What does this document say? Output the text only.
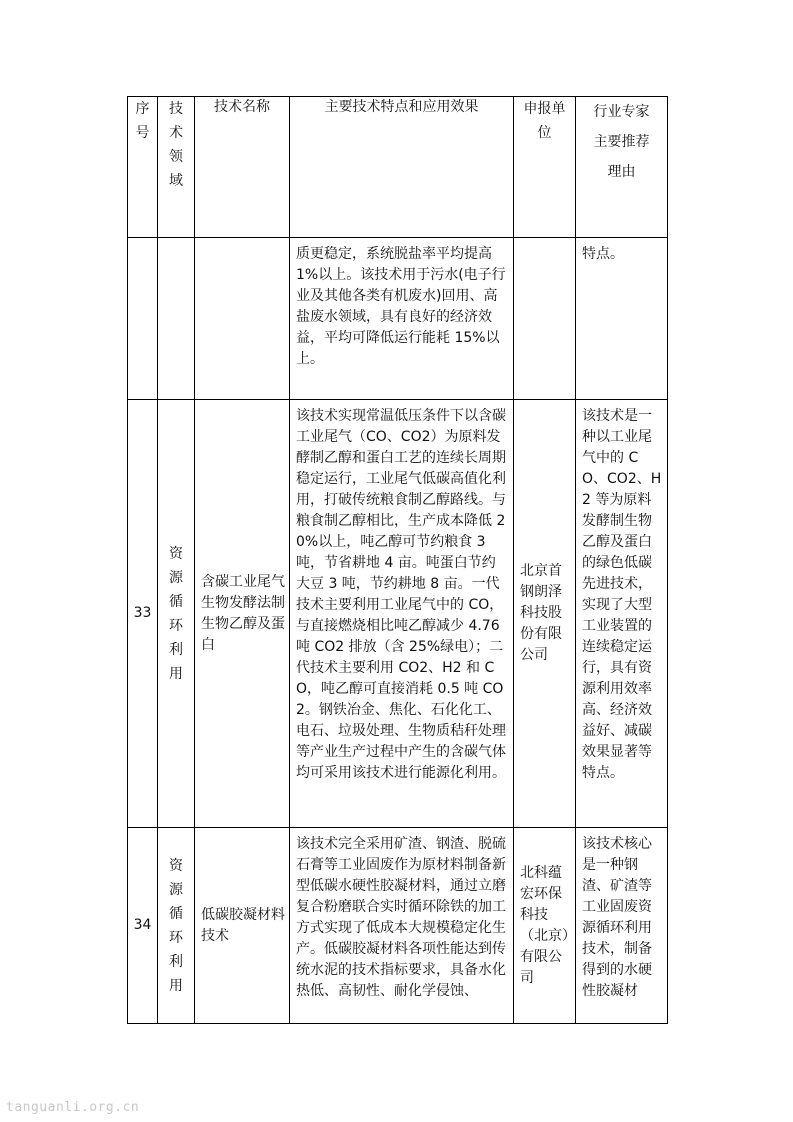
序号	技术领域	技术名称	主要技术特点和应用效果	申报单位	行业专家主要推荐理由

			质更稳定，系统脱盐率平均提高1%以上。该技术用于污水(电子行业及其他各类有机废水)回用、高盐废水领域，具有良好的经济效益，平均可降低运行能耗 15%以上。		特点。

33	资源循环利用	含碳工业尾气生物发酵法制生物乙醇及蛋白	该技术实现常温低压条件下以含碳工业尾气（CO、CO2）为原料发酵制乙醇和蛋白工艺的连续长周期稳定运行，工业尾气低碳高值化利用，打破传统粮食制乙醇路线。与粮食制乙醇相比，生产成本降低 20%以上，吨乙醇可节约粮食 3 吨，节省耕地 4 亩。吨蛋白节约大豆 3 吨，节约耕地 8 亩。一代技术主要利用工业尾气中的 CO，与直接燃烧相比吨乙醇减少 4.76 吨 CO2 排放（含 25%绿电）；二代技术主要利用 CO2、H2 和 CO，吨乙醇可直接消耗 0.5 吨 CO2。钢铁冶金、焦化、石化化工、电石、垃圾处理、生物质秸秆处理等产业生产过程中产生的含碳气体均可采用该技术进行能源化利用。	北京首钢朗泽科技股份有限公司	该技术是一种以工业尾气中的 CO、CO2、H2 等为原料发酵制生物乙醇及蛋白的绿色低碳先进技术，实现了大型工业装置的连续稳定运行，具有资源利用效率高、经济效益好、减碳效果显著等特点。

34	资源循环利用	低碳胶凝材料技术	该技术完全采用矿渣、钢渣、脱硫石膏等工业固废作为原材料制备新型低碳水硬性胶凝材料，通过立磨复合粉磨联合实时循环除铁的加工方式实现了低成本大规模稳定化生产。低碳胶凝材料各项性能达到传统水泥的技术指标要求，具备水化热低、高韧性、耐化学侵蚀、	北科蕴宏环保科技（北京）有限公司	该技术核心是一种钢渣、矿渣等工业固废资源循环利用技术，制备得到的水硬性胶凝材
tanguanli.org.cn
